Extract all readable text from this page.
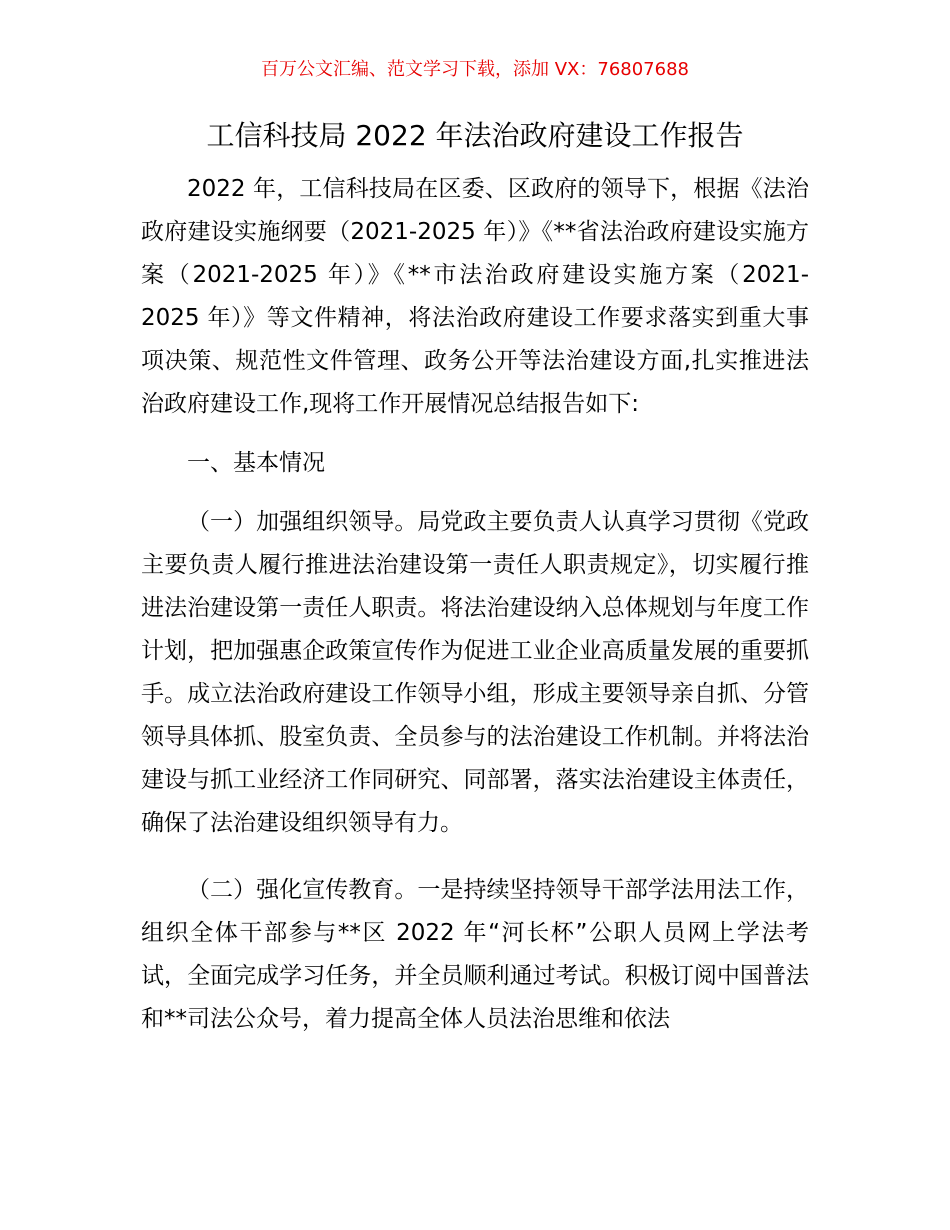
百万公文汇编、范文学习下载，添加 VX：76807688
工信科技局 2022 年法治政府建设工作报告

2022 年，工信科技局在区委、区政府的领导下，根据《法治政府建设实施纲要（2021-2025 年）》《**省法治政府建设实施方案（2021-2025 年）》《**市法治政府建设实施方案（2021-2025 年）》等文件精神，将法治政府建设工作要求落实到重大事项决策、规范性文件管理、政务公开等法治建设方面,扎实推进法治政府建设工作,现将工作开展情况总结报告如下:

一、基本情况

（一）加强组织领导。局党政主要负责人认真学习贯彻《党政主要负责人履行推进法治建设第一责任人职责规定》，切实履行推进法治建设第一责任人职责。将法治建设纳入总体规划与年度工作计划，把加强惠企政策宣传作为促进工业企业高质量发展的重要抓手。成立法治政府建设工作领导小组，形成主要领导亲自抓、分管领导具体抓、股室负责、全员参与的法治建设工作机制。并将法治建设与抓工业经济工作同研究、同部署，落实法治建设主体责任，确保了法治建设组织领导有力。

（二）强化宣传教育。一是持续坚持领导干部学法用法工作，组织全体干部参与**区 2022 年“河长杯”公职人员网上学法考试，全面完成学习任务，并全员顺利通过考试。积极订阅中国普法和**司法公众号，着力提高全体人员法治思维和依法
